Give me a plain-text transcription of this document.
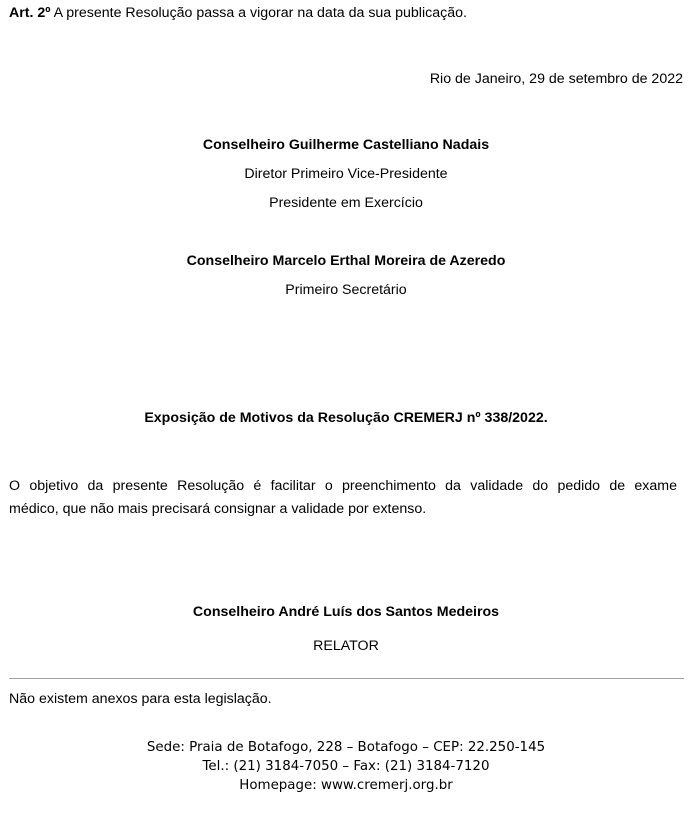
Art. 2º A presente Resolução passa a vigorar na data da sua publicação.
Rio de Janeiro, 29 de setembro de 2022
Conselheiro Guilherme Castelliano Nadais
Diretor Primeiro Vice-Presidente
Presidente em Exercício
Conselheiro Marcelo Erthal Moreira de Azeredo
Primeiro Secretário
Exposição de Motivos da Resolução CREMERJ nº 338/2022.
O objetivo da presente Resolução é facilitar o preenchimento da validade do pedido de exame
médico, que não mais precisará consignar a validade por extenso.
Conselheiro André Luís dos Santos Medeiros
RELATOR
Não existem anexos para esta legislação.
Sede: Praia de Botafogo, 228 – Botafogo – CEP: 22.250-145
Tel.: (21) 3184-7050 – Fax: (21) 3184-7120
Homepage: www.cremerj.org.br
